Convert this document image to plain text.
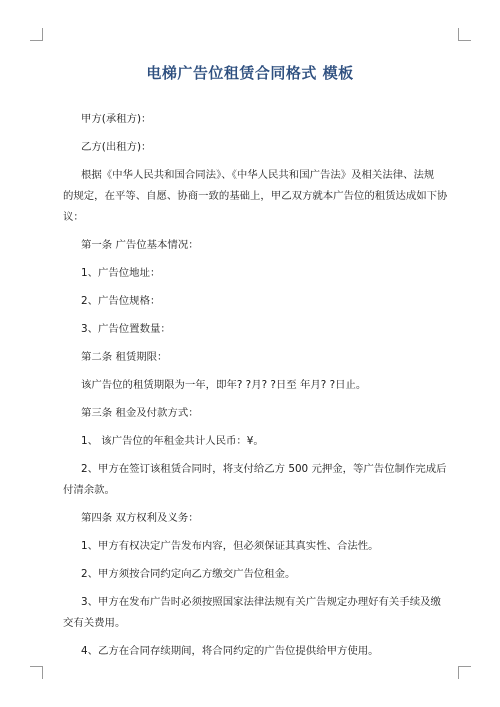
电梯广告位租赁合同格式 模板
甲方(承租方)：
乙方(出租方)：
根据《中华人民共和国合同法》、《中华人民共和国广告法》及相关法律、法规
的规定，在平等、自愿、协商一致的基础上，甲乙双方就本广告位的租赁达成如下协
议：
第一条 广告位基本情况：
1、广告位地址：
2、广告位规格：
3、广告位置数量：
第二条 租赁期限：
该广告位的租赁期限为一年，即年? ?月? ?日至 年月? ?日止。
第三条 租金及付款方式：
1、 该广告位的年租金共计人民币：¥。
2、甲方在签订该租赁合同时，将支付给乙方 500 元押金，等广告位制作完成后
付清余款。
第四条 双方权利及义务：
1、甲方有权决定广告发布内容，但必须保证其真实性、合法性。
2、甲方须按合同约定向乙方缴交广告位租金。
3、甲方在发布广告时必须按照国家法律法规有关广告规定办理好有关手续及缴
交有关费用。
4、乙方在合同存续期间，将合同约定的广告位提供给甲方使用。
